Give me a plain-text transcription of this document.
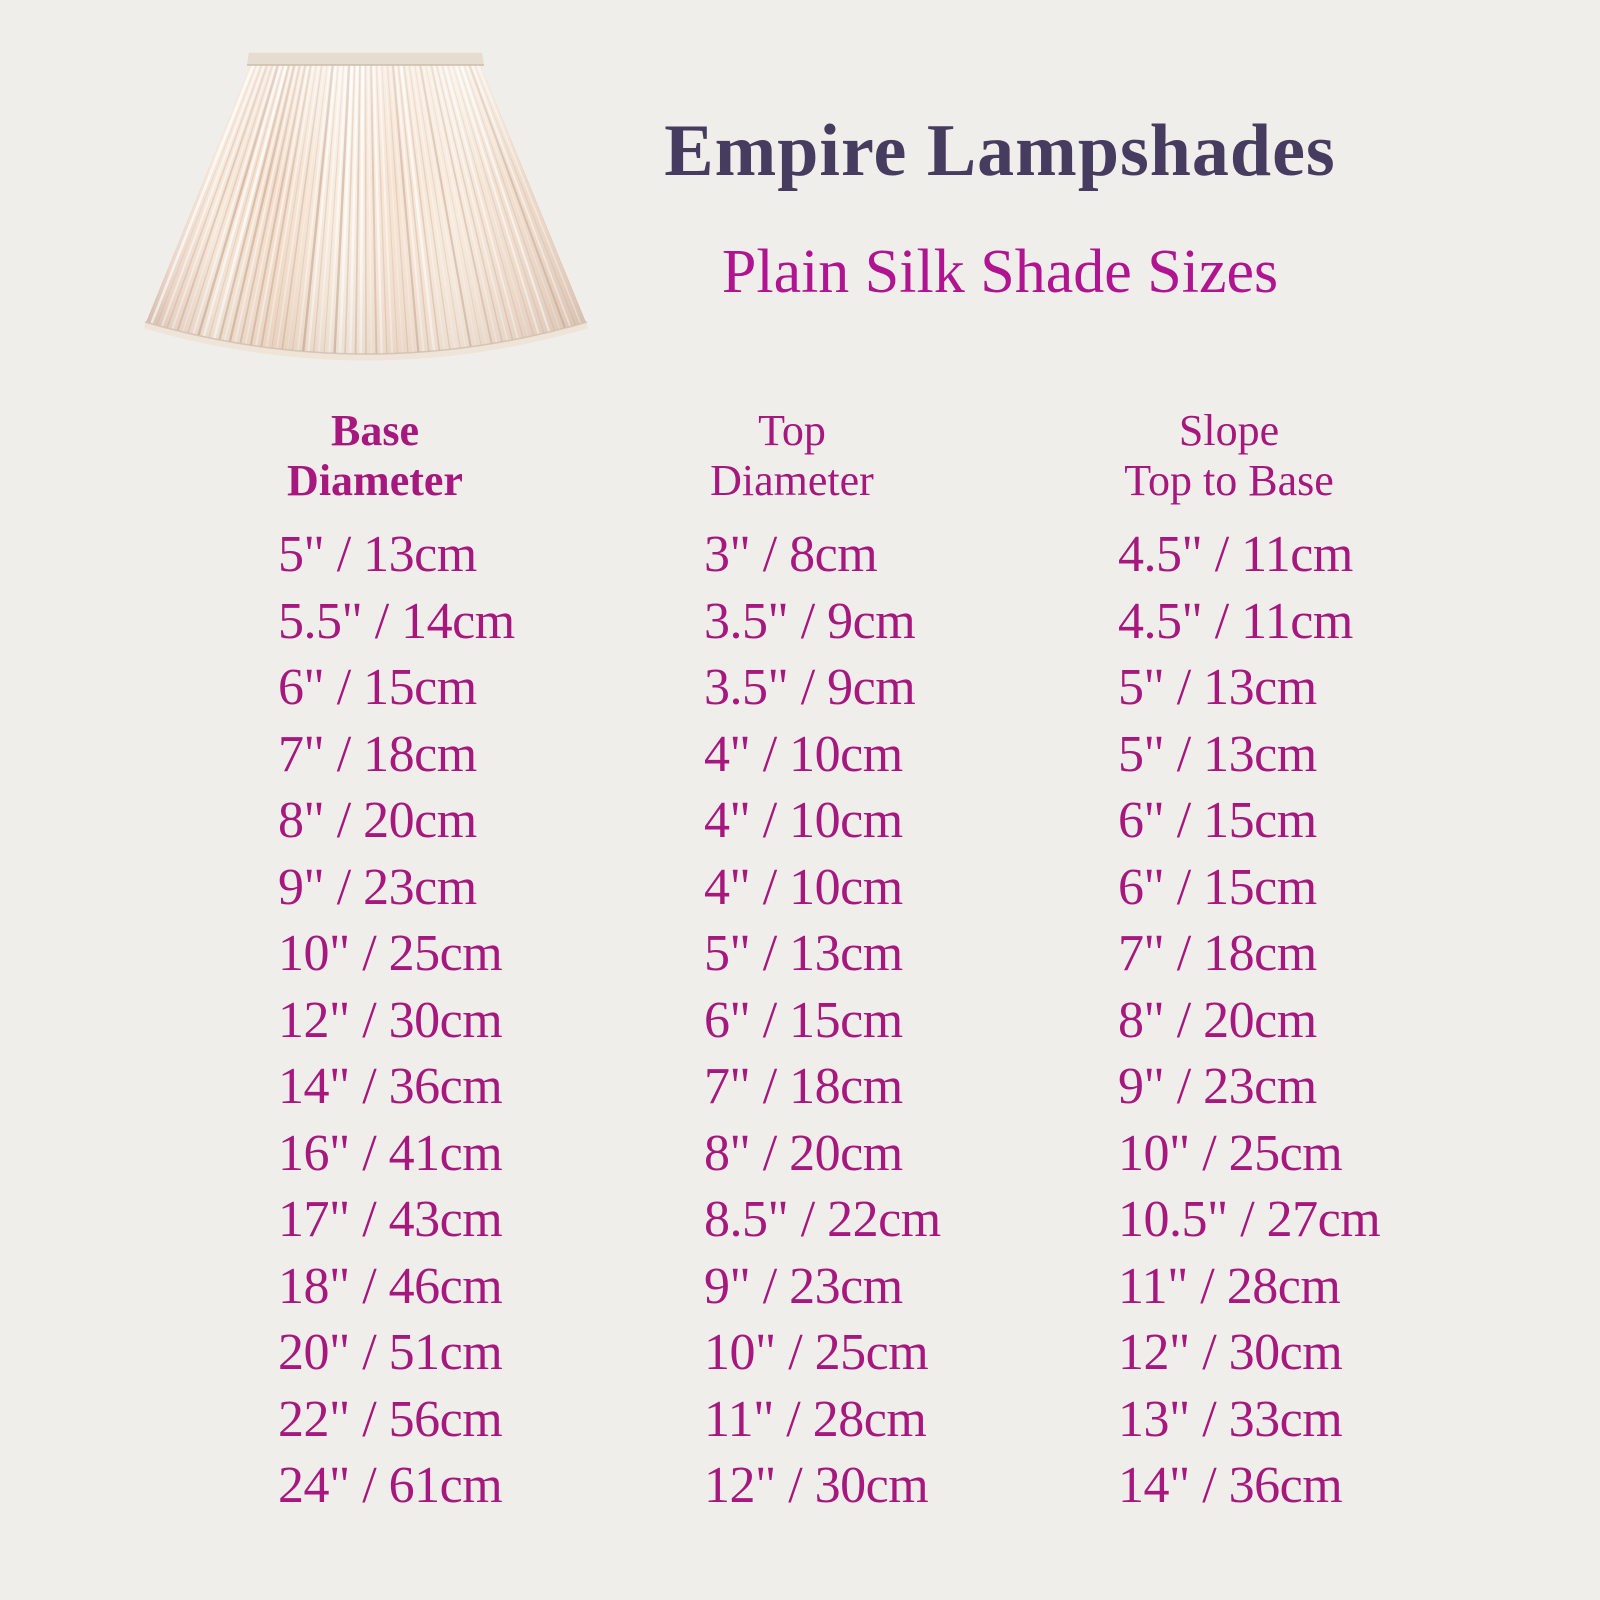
Empire Lampshades
Plain Silk Shade Sizes
Base
Diameter
5" / 13cm
5.5" / 14cm
6" / 15cm
7" / 18cm
8" / 20cm
9" / 23cm
10" / 25cm
12" / 30cm
14" / 36cm
16" / 41cm
17" / 43cm
18" / 46cm
20" / 51cm
22" / 56cm
24" / 61cm
Top
Diameter
3" / 8cm
3.5" / 9cm
3.5" / 9cm
4" / 10cm
4" / 10cm
4" / 10cm
5" / 13cm
6" / 15cm
7" / 18cm
8" / 20cm
8.5" / 22cm
9" / 23cm
10" / 25cm
11" / 28cm
12" / 30cm
Slope
Top to Base
4.5" / 11cm
4.5" / 11cm
5" / 13cm
5" / 13cm
6" / 15cm
6" / 15cm
7" / 18cm
8" / 20cm
9" / 23cm
10" / 25cm
10.5" / 27cm
11" / 28cm
12" / 30cm
13" / 33cm
14" / 36cm
